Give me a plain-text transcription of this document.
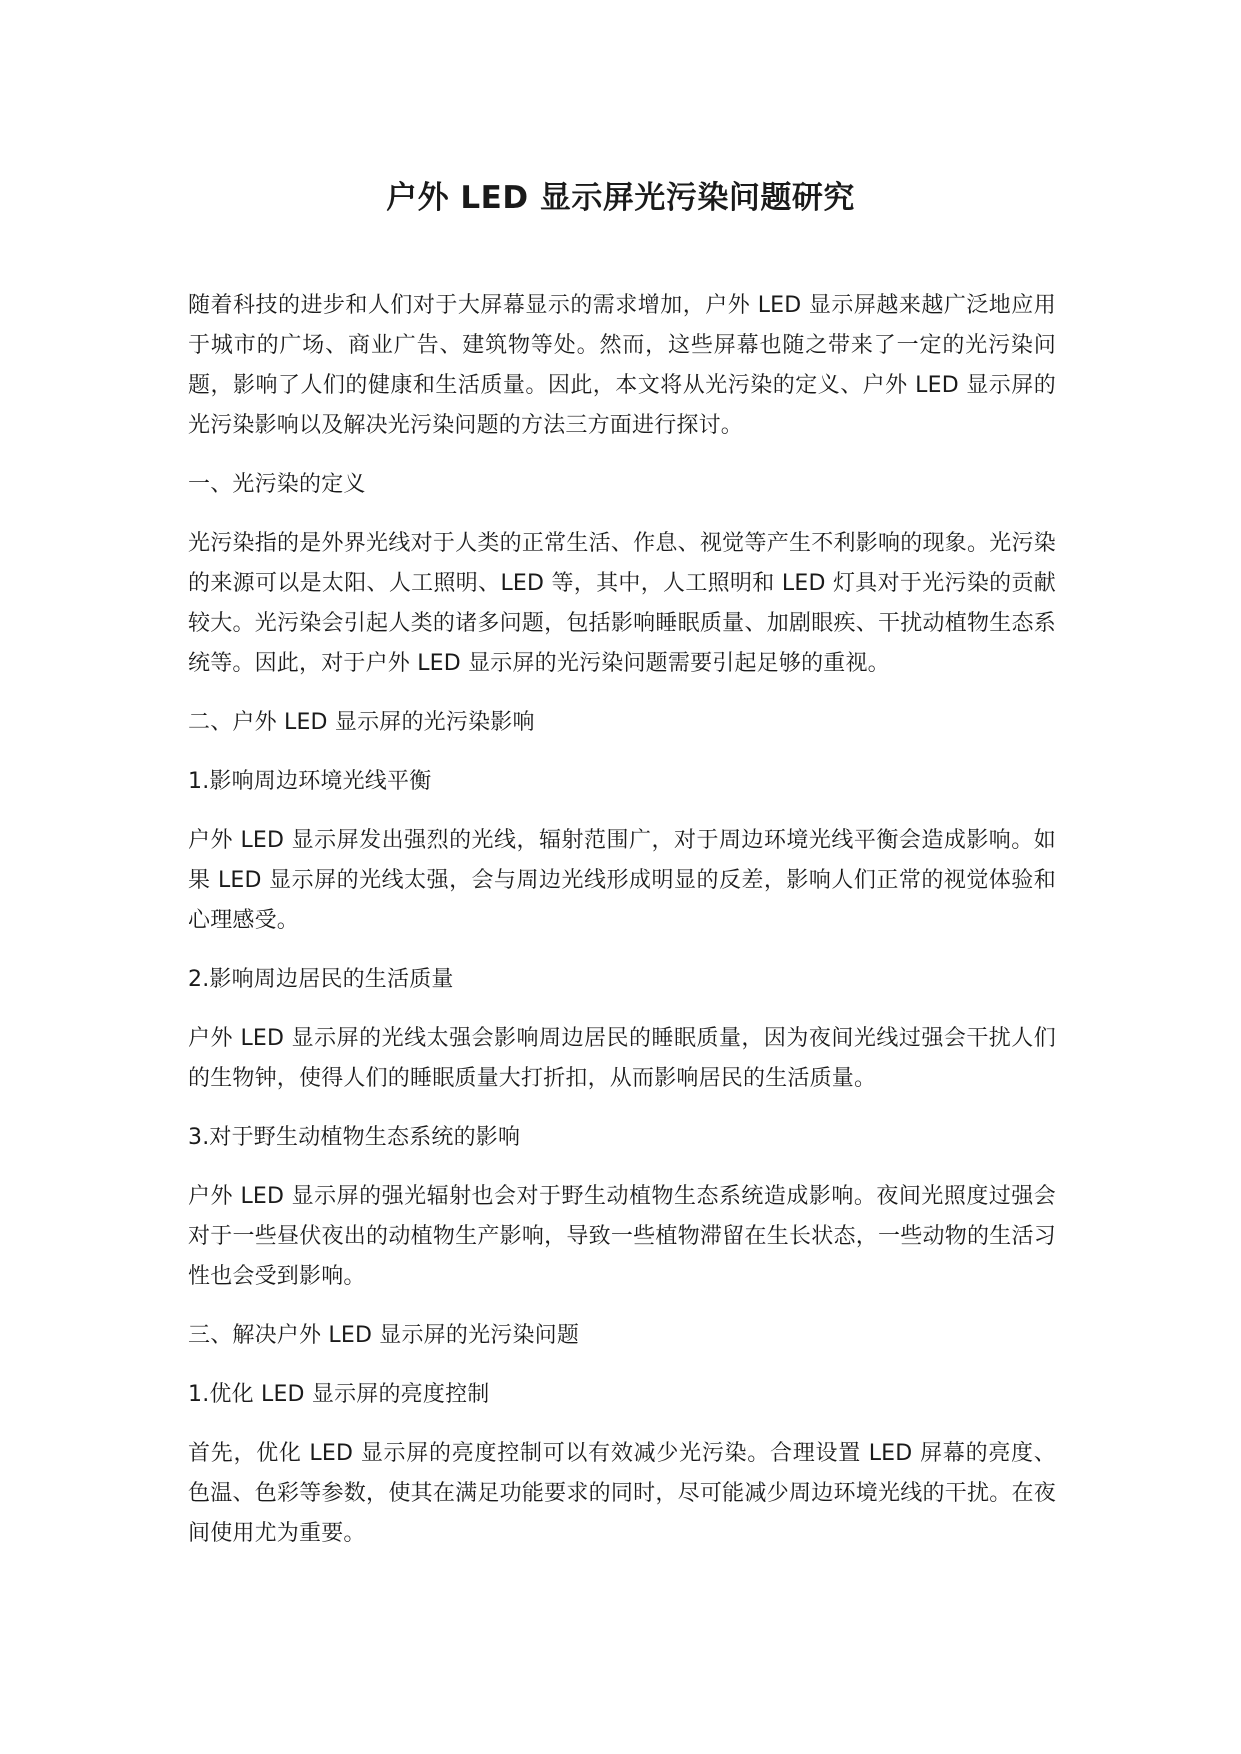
户外 LED 显示屏光污染问题研究

随着科技的进步和人们对于大屏幕显示的需求增加，户外 LED 显示屏越来越广泛地应用于城市的广场、商业广告、建筑物等处。然而，这些屏幕也随之带来了一定的光污染问题，影响了人们的健康和生活质量。因此，本文将从光污染的定义、户外 LED 显示屏的光污染影响以及解决光污染问题的方法三方面进行探讨。

一、光污染的定义

光污染指的是外界光线对于人类的正常生活、作息、视觉等产生不利影响的现象。光污染的来源可以是太阳、人工照明、LED 等，其中，人工照明和 LED 灯具对于光污染的贡献较大。光污染会引起人类的诸多问题，包括影响睡眠质量、加剧眼疾、干扰动植物生态系统等。因此，对于户外 LED 显示屏的光污染问题需要引起足够的重视。

二、户外 LED 显示屏的光污染影响

1.影响周边环境光线平衡

户外 LED 显示屏发出强烈的光线，辐射范围广，对于周边环境光线平衡会造成影响。如果 LED 显示屏的光线太强，会与周边光线形成明显的反差，影响人们正常的视觉体验和心理感受。

2.影响周边居民的生活质量

户外 LED 显示屏的光线太强会影响周边居民的睡眠质量，因为夜间光线过强会干扰人们的生物钟，使得人们的睡眠质量大打折扣，从而影响居民的生活质量。

3.对于野生动植物生态系统的影响

户外 LED 显示屏的强光辐射也会对于野生动植物生态系统造成影响。夜间光照度过强会对于一些昼伏夜出的动植物生产影响，导致一些植物滞留在生长状态，一些动物的生活习性也会受到影响。

三、解决户外 LED 显示屏的光污染问题

1.优化 LED 显示屏的亮度控制

首先，优化 LED 显示屏的亮度控制可以有效减少光污染。合理设置 LED 屏幕的亮度、色温、色彩等参数，使其在满足功能要求的同时，尽可能减少周边环境光线的干扰。在夜间使用尤为重要。
